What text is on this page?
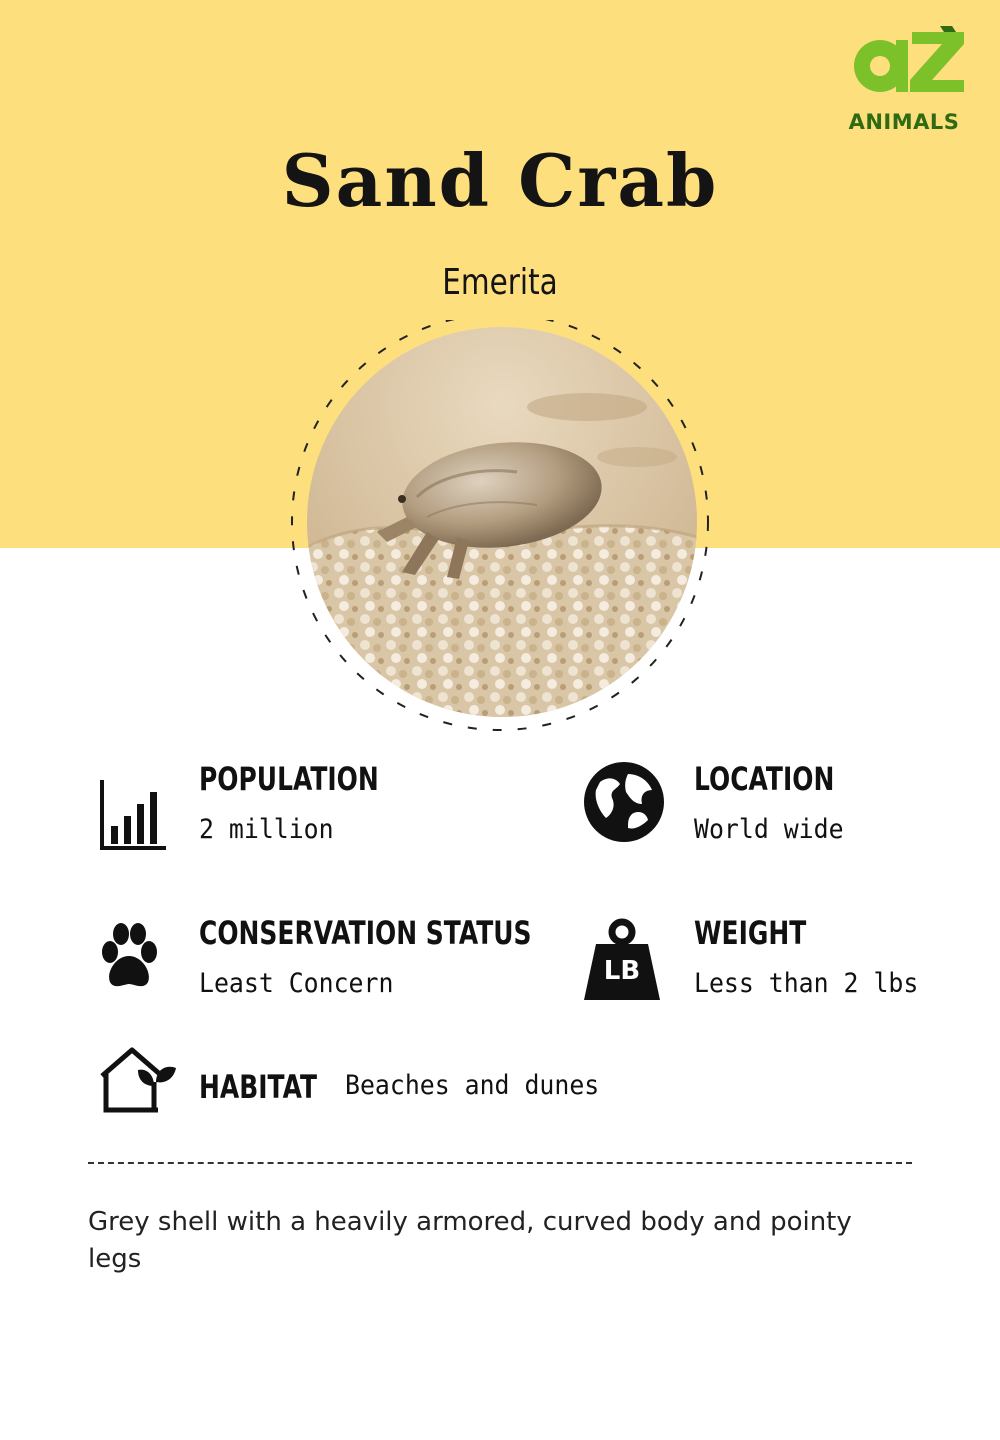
ANIMALS
Sand Crab
Emerita
POPULATION
2 million
LOCATION
World wide
CONSERVATION STATUS
Least Concern	LB
WEIGHT
Less than 2 lbs
HABITAT Beaches and dunes
Grey shell with a heavily armored, curved body and pointy legs
